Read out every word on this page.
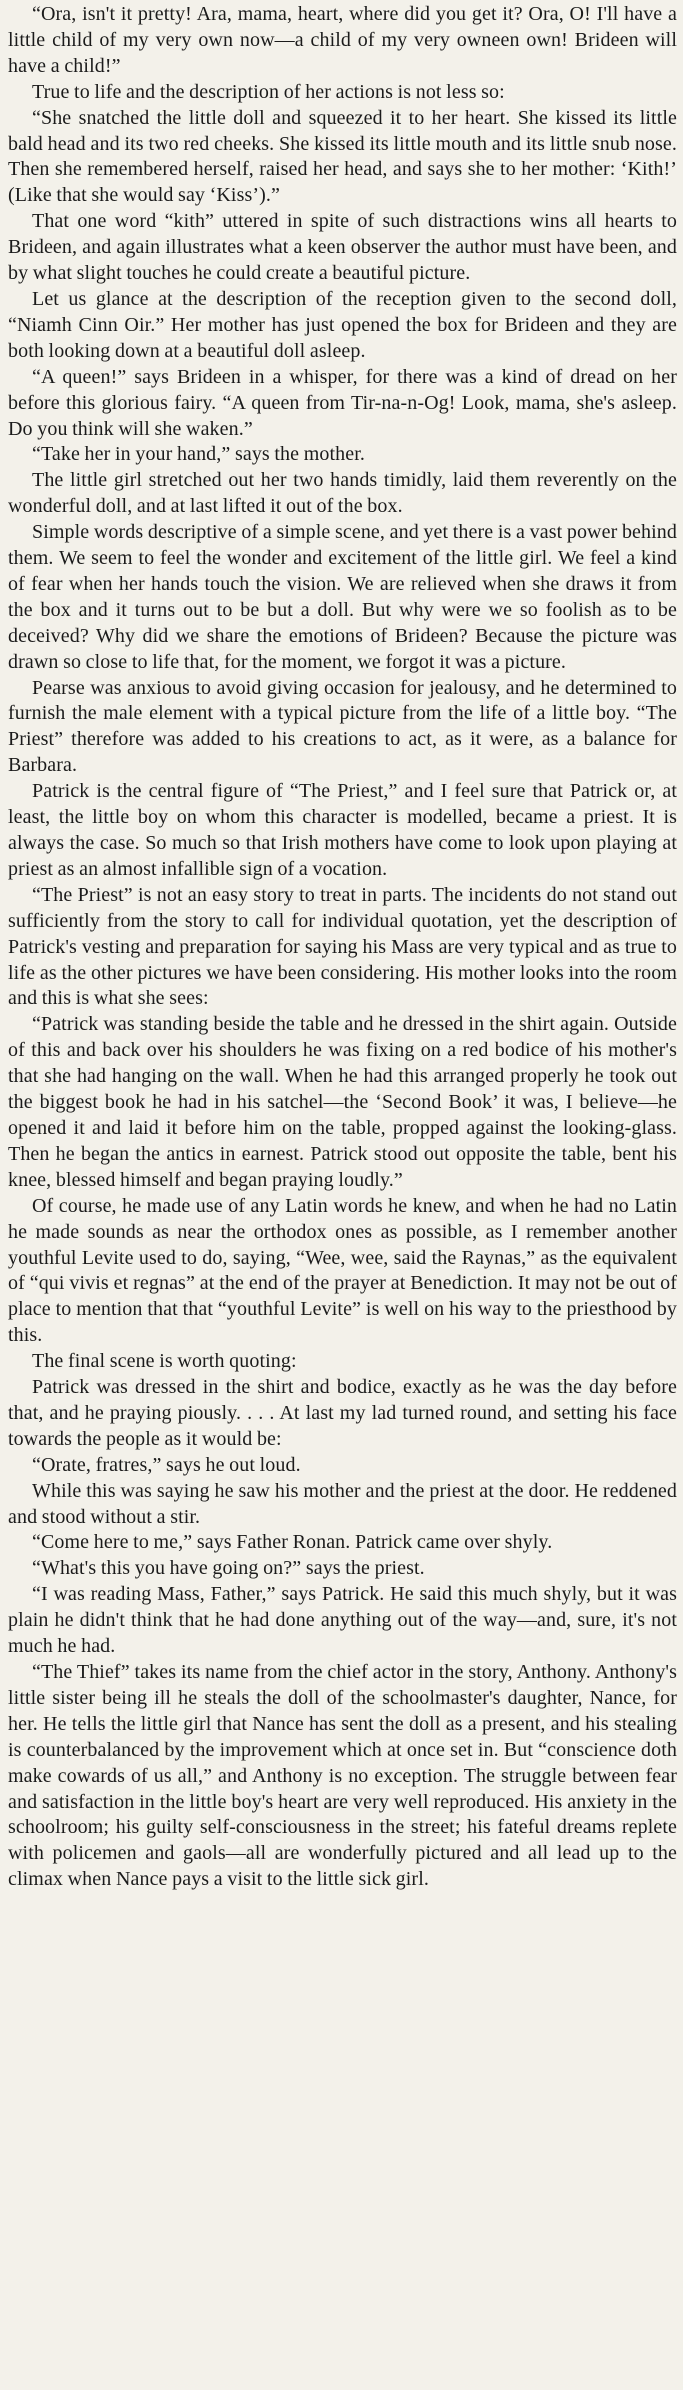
“Ora, isn't it pretty! Ara, mama, heart, where did you get it? Ora, O! I'll have a little child of my very own now—a child of my very owneen own! Brideen will have a child!”

True to life and the description of her actions is not less so:

“She snatched the little doll and squeezed it to her heart. She kissed its little bald head and its two red cheeks. She kissed its little mouth and its little snub nose. Then she remembered herself, raised her head, and says she to her mother: ‘Kith!’ (Like that she would say ‘Kiss’).”

That one word “kith” uttered in spite of such distractions wins all hearts to Brideen, and again illustrates what a keen observer the author must have been, and by what slight touches he could create a beautiful picture.

Let us glance at the description of the reception given to the second doll, “Niamh Cinn Oir.” Her mother has just opened the box for Brideen and they are both looking down at a beautiful doll asleep.

“A queen!” says Brideen in a whisper, for there was a kind of dread on her before this glorious fairy. “A queen from Tir-na-n-Og! Look, mama, she's asleep. Do you think will she waken.”

“Take her in your hand,” says the mother.

The little girl stretched out her two hands timidly, laid them reverently on the wonderful doll, and at last lifted it out of the box.

Simple words descriptive of a simple scene, and yet there is a vast power behind them. We seem to feel the wonder and excitement of the little girl. We feel a kind of fear when her hands touch the vision. We are relieved when she draws it from the box and it turns out to be but a doll. But why were we so foolish as to be deceived? Why did we share the emotions of Brideen? Because the picture was drawn so close to life that, for the moment, we forgot it was a picture.

Pearse was anxious to avoid giving occasion for jealousy, and he determined to furnish the male element with a typical picture from the life of a little boy. “The Priest” therefore was added to his creations to act, as it were, as a balance for Barbara.

Patrick is the central figure of “The Priest,” and I feel sure that Patrick or, at least, the little boy on whom this character is modelled, became a priest. It is always the case. So much so that Irish mothers have come to look upon playing at priest as an almost infallible sign of a vocation.

“The Priest” is not an easy story to treat in parts. The incidents do not stand out sufficiently from the story to call for individual quotation, yet the description of Patrick's vesting and preparation for saying his Mass are very typical and as true to life as the other pictures we have been considering. His mother looks into the room and this is what she sees:

“Patrick was standing beside the table and he dressed in the shirt again. Outside of this and back over his shoulders he was fixing on a red bodice of his mother's that she had hanging on the wall. When he had this arranged properly he took out the biggest book he had in his satchel—the ‘Second Book’ it was, I believe—he opened it and laid it before him on the table, propped against the looking-glass. Then he began the antics in earnest. Patrick stood out opposite the table, bent his knee, blessed himself and began praying loudly.”

Of course, he made use of any Latin words he knew, and when he had no Latin he made sounds as near the orthodox ones as possible, as I remember another youthful Levite used to do, saying, “Wee, wee, said the Raynas,” as the equivalent of “qui vivis et regnas” at the end of the prayer at Benediction. It may not be out of place to mention that that “youthful Levite” is well on his way to the priesthood by this.

The final scene is worth quoting:

Patrick was dressed in the shirt and bodice, exactly as he was the day before that, and he praying piously. . . . At last my lad turned round, and setting his face towards the people as it would be:

“Orate, fratres,” says he out loud.

While this was saying he saw his mother and the priest at the door. He reddened and stood without a stir.

“Come here to me,” says Father Ronan. Patrick came over shyly.

“What's this you have going on?” says the priest.

“I was reading Mass, Father,” says Patrick. He said this much shyly, but it was plain he didn't think that he had done anything out of the way—and, sure, it's not much he had.

“The Thief” takes its name from the chief actor in the story, Anthony. Anthony's little sister being ill he steals the doll of the schoolmaster's daughter, Nance, for her. He tells the little girl that Nance has sent the doll as a present, and his stealing is counterbalanced by the improvement which at once set in. But “conscience doth make cowards of us all,” and Anthony is no exception. The struggle between fear and satisfaction in the little boy's heart are very well reproduced. His anxiety in the schoolroom; his guilty self-consciousness in the street; his fateful dreams replete with policemen and gaols—all are wonderfully pictured and all lead up to the climax when Nance pays a visit to the little sick girl.
